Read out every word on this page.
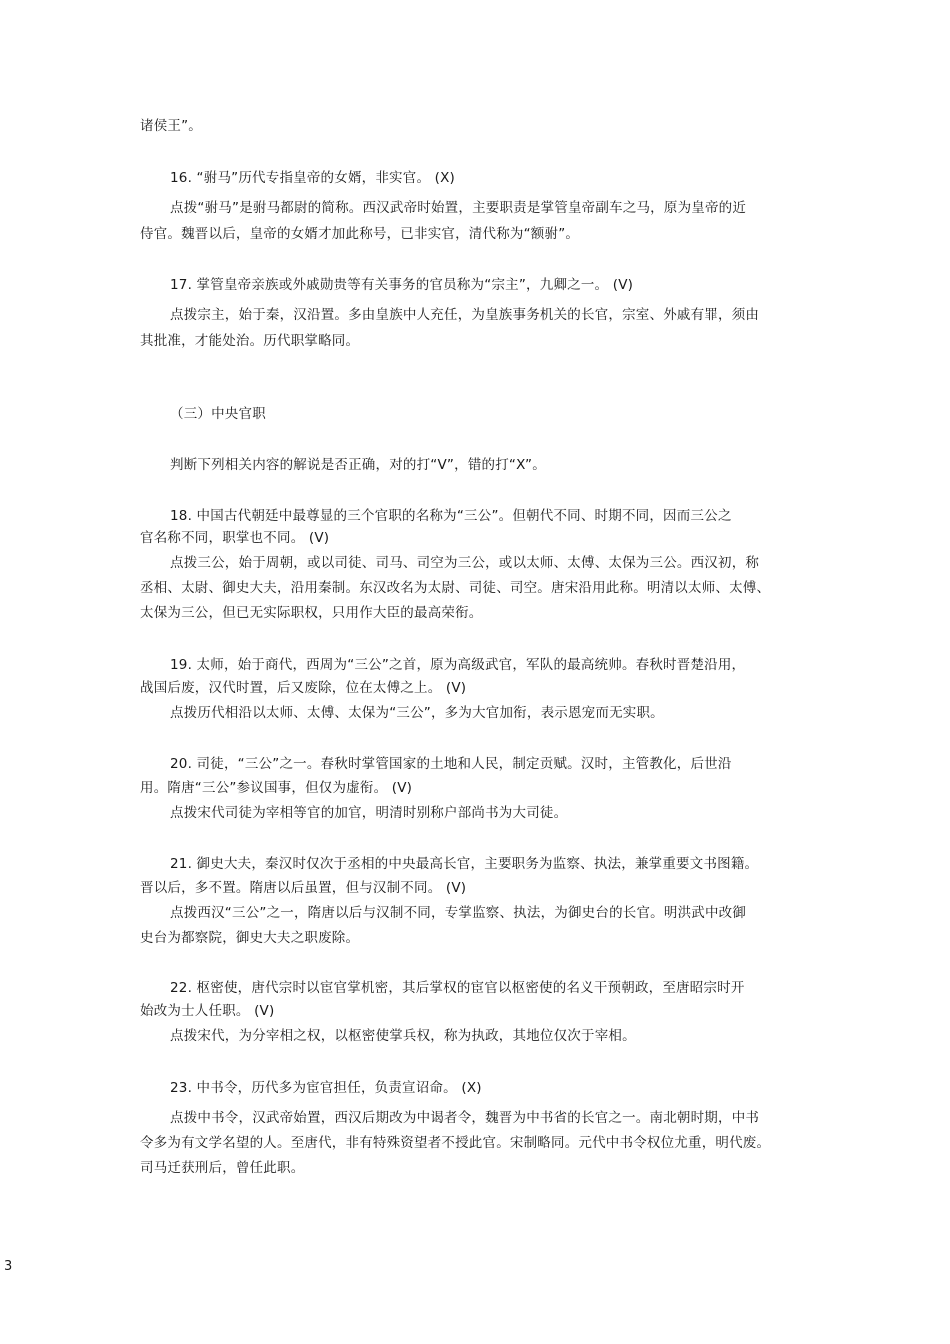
诸侯王”。
16. “驸马”历代专指皇帝的女婿，非实官。 (X)
点拨“驸马”是驸马都尉的简称。西汉武帝时始置，主要职责是掌管皇帝副车之马，原为皇帝的近
侍官。魏晋以后，皇帝的女婿才加此称号，已非实官，清代称为“额驸”。
17. 掌管皇帝亲族或外戚勋贵等有关事务的官员称为“宗主”，九卿之一。 (V)
点拨宗主，始于秦，汉沿置。多由皇族中人充任，为皇族事务机关的长官，宗室、外戚有罪，须由
其批准，才能处治。历代职掌略同。
（三）中央官职
判断下列相关内容的解说是否正确，对的打“V”，错的打“X”。
18. 中国古代朝廷中最尊显的三个官职的名称为“三公”。但朝代不同、时期不同，因而三公之
官名称不同，职掌也不同。 (V)
点拨三公，始于周朝，或以司徒、司马、司空为三公，或以太师、太傅、太保为三公。西汉初，称
丞相、太尉、御史大夫，沿用秦制。东汉改名为太尉、司徒、司空。唐宋沿用此称。明清以太师、太傅、
太保为三公，但已无实际职权，只用作大臣的最高荣衔。
19. 太师，始于商代，西周为“三公”之首，原为高级武官，军队的最高统帅。春秋时晋楚沿用，
战国后废，汉代时置，后又废除，位在太傅之上。 (V)
点拨历代相沿以太师、太傅、太保为“三公”，多为大官加衔，表示恩宠而无实职。
20. 司徒，“三公”之一。春秋时掌管国家的土地和人民，制定贡赋。汉时，主管教化，后世沿
用。隋唐“三公”参议国事，但仅为虚衔。 (V)
点拨宋代司徒为宰相等官的加官，明清时别称户部尚书为大司徒。
21. 御史大夫，秦汉时仅次于丞相的中央最高长官，主要职务为监察、执法，兼掌重要文书图籍。
晋以后，多不置。隋唐以后虽置，但与汉制不同。 (V)
点拨西汉“三公”之一，隋唐以后与汉制不同，专掌监察、执法，为御史台的长官。明洪武中改御
史台为都察院，御史大夫之职废除。
22. 枢密使，唐代宗时以宦官掌机密，其后掌权的宦官以枢密使的名义干预朝政，至唐昭宗时开
始改为士人任职。 (V)
点拨宋代，为分宰相之权，以枢密使掌兵权，称为执政，其地位仅次于宰相。
23. 中书令，历代多为宦官担任，负责宣诏命。 (X)
点拨中书令，汉武帝始置，西汉后期改为中谒者令，魏晋为中书省的长官之一。南北朝时期，中书
令多为有文学名望的人。至唐代，非有特殊资望者不授此官。宋制略同。元代中书令权位尤重，明代废。
司马迁获刑后，曾任此职。
3
